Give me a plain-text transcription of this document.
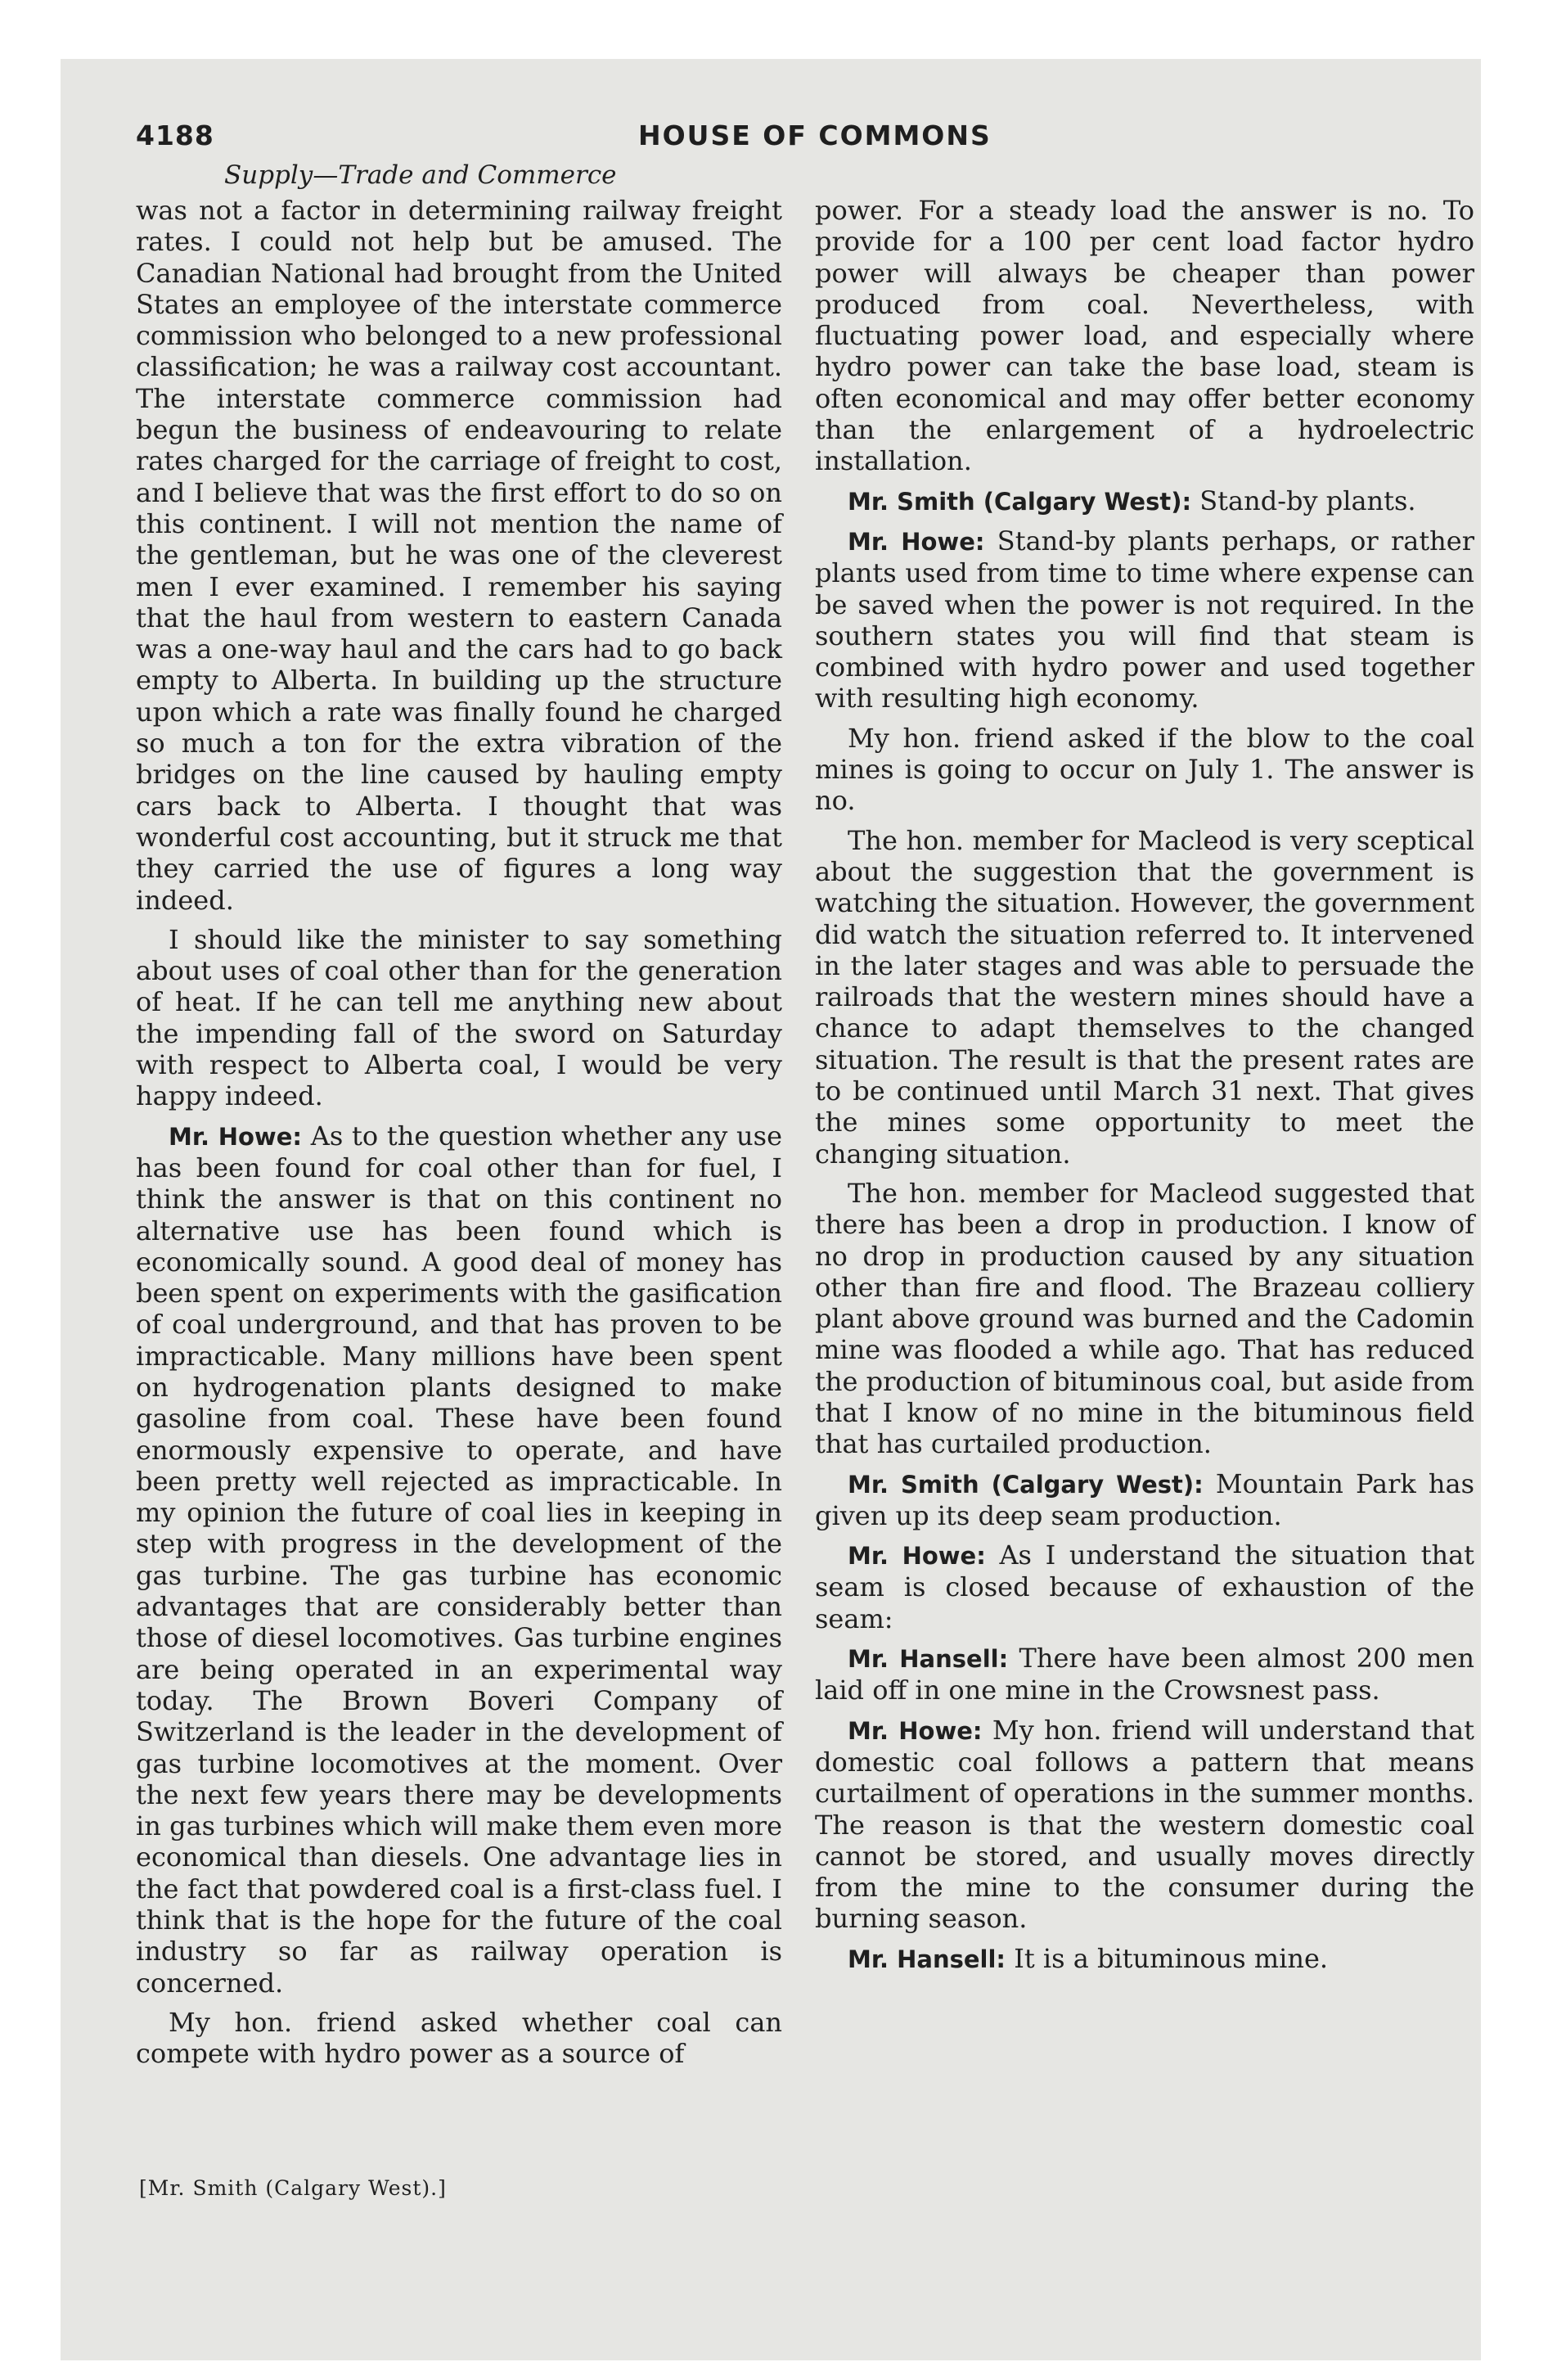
4188	HOUSE OF COMMONS
Supply—Trade and Commerce

was not a factor in determining railway freight rates. I could not help but be amused. The Canadian National had brought from the United States an employee of the interstate commerce commission who belonged to a new professional classification; he was a railway cost accountant. The interstate commerce commission had begun the business of endeavouring to relate rates charged for the carriage of freight to cost, and I believe that was the first effort to do so on this continent. I will not mention the name of the gentleman, but he was one of the cleverest men I ever examined. I remember his saying that the haul from western to eastern Canada was a one-way haul and the cars had to go back empty to Alberta. In building up the structure upon which a rate was finally found he charged so much a ton for the extra vibration of the bridges on the line caused by hauling empty cars back to Alberta. I thought that was wonderful cost accounting, but it struck me that they carried the use of figures a long way indeed.

I should like the minister to say something about uses of coal other than for the generation of heat. If he can tell me anything new about the impending fall of the sword on Saturday with respect to Alberta coal, I would be very happy indeed.

Mr. Howe: As to the question whether any use has been found for coal other than for fuel, I think the answer is that on this continent no alternative use has been found which is economically sound. A good deal of money has been spent on experiments with the gasification of coal underground, and that has proven to be impracticable. Many millions have been spent on hydrogenation plants designed to make gasoline from coal. These have been found enormously expensive to operate, and have been pretty well rejected as impracticable. In my opinion the future of coal lies in keeping in step with progress in the development of the gas turbine. The gas turbine has economic advantages that are considerably better than those of diesel locomotives. Gas turbine engines are being operated in an experimental way today. The Brown Boveri Company of Switzerland is the leader in the development of gas turbine locomotives at the moment. Over the next few years there may be developments in gas turbines which will make them even more economical than diesels. One advantage lies in the fact that powdered coal is a first-class fuel. I think that is the hope for the future of the coal industry so far as railway operation is concerned.

My hon. friend asked whether coal can compete with hydro power as a source of

power. For a steady load the answer is no. To provide for a 100 per cent load factor hydro power will always be cheaper than power produced from coal. Nevertheless, with fluctuating power load, and especially where hydro power can take the base load, steam is often economical and may offer better economy than the enlargement of a hydroelectric installation.

Mr. Smith (Calgary West): Stand-by plants.

Mr. Howe: Stand-by plants perhaps, or rather plants used from time to time where expense can be saved when the power is not required. In the southern states you will find that steam is combined with hydro power and used together with resulting high economy.

My hon. friend asked if the blow to the coal mines is going to occur on July 1. The answer is no.

The hon. member for Macleod is very sceptical about the suggestion that the government is watching the situation. However, the government did watch the situation referred to. It intervened in the later stages and was able to persuade the railroads that the western mines should have a chance to adapt themselves to the changed situation. The result is that the present rates are to be continued until March 31 next. That gives the mines some opportunity to meet the changing situation.

The hon. member for Macleod suggested that there has been a drop in production. I know of no drop in production caused by any situation other than fire and flood. The Brazeau colliery plant above ground was burned and the Cadomin mine was flooded a while ago. That has reduced the production of bituminous coal, but aside from that I know of no mine in the bituminous field that has curtailed production.

Mr. Smith (Calgary West): Mountain Park has given up its deep seam production.

Mr. Howe: As I understand the situation that seam is closed because of exhaustion of the seam:

Mr. Hansell: There have been almost 200 men laid off in one mine in the Crowsnest pass.

Mr. Howe: My hon. friend will understand that domestic coal follows a pattern that means curtailment of operations in the summer months. The reason is that the western domestic coal cannot be stored, and usually moves directly from the mine to the consumer during the burning season.

Mr. Hansell: It is a bituminous mine.

[Mr. Smith (Calgary West).]
